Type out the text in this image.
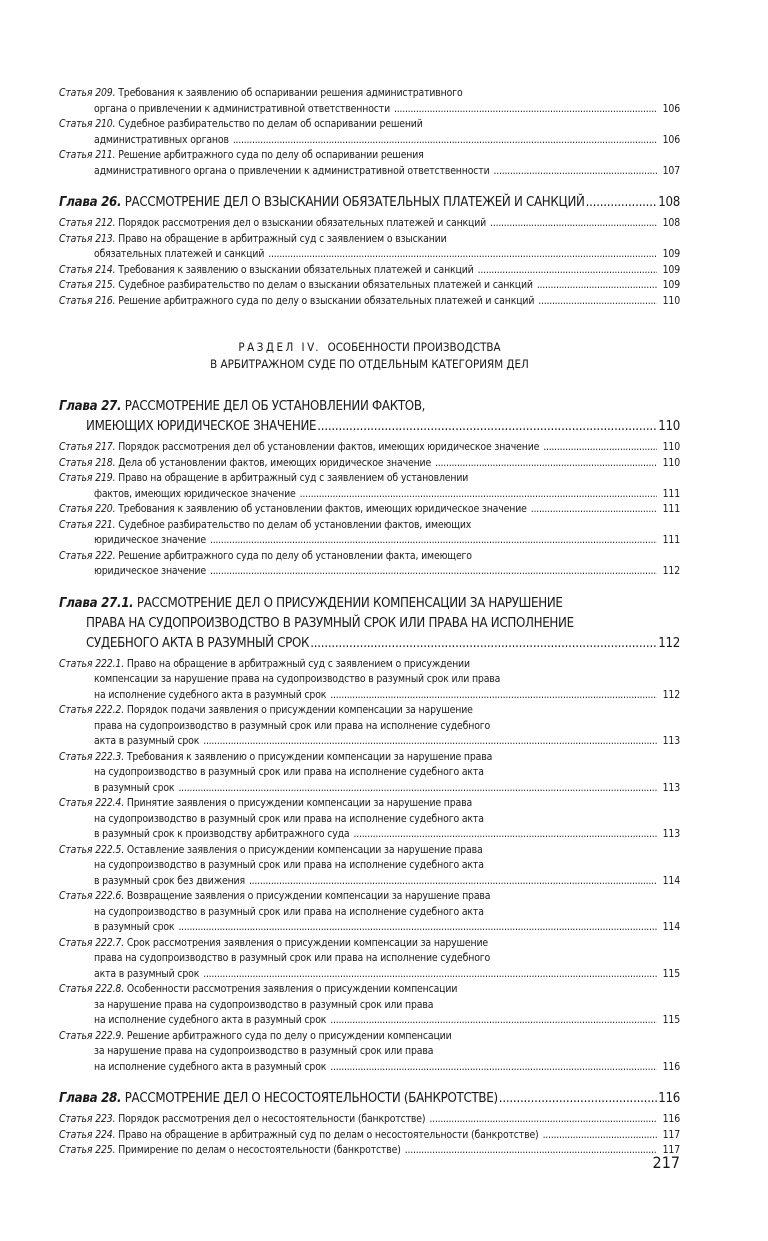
Статья 209.
Требования к заявлению об оспаривании решения административного
органа о привлечении к административной ответственности . . .	106
Статья 210.
Судебное разбирательство по делам об оспаривании решений
административных органов . . .	106
Статья 211.
Решение арбитражного суда по делу об оспаривании решения
административного органа о привлечении к административной ответственности . . .	107
Глава 26.
РАССМОТРЕНИЕ ДЕЛ О ВЗЫСКАНИИ ОБЯЗАТЕЛЬНЫХ ПЛАТЕЖЕЙ И САНКЦИЙ . . .	108
Статья 212.
Порядок рассмотрения дел о взыскании обязательных платежей и санкций . . .	108
Статья 213.
Право на обращение в арбитражный суд с заявлением о взыскании
обязательных платежей и санкций . . .	109
Статья 214.
Требования к заявлению о взыскании обязательных платежей и санкций . . .	109
Статья 215.
Судебное разбирательство по делам о взыскании обязательных платежей и санкций . . .	109
Статья 216.
Решение арбитражного суда по делу о взыскании обязательных платежей и санкций . . .	110
РАЗДЕЛ IV. ОСОБЕННОСТИ ПРОИЗВОДСТВА
В АРБИТРАЖНОМ СУДЕ ПО ОТДЕЛЬНЫМ КАТЕГОРИЯМ ДЕЛ
Глава 27.
РАССМОТРЕНИЕ ДЕЛ ОБ УСТАНОВЛЕНИИ ФАКТОВ,
ИМЕЮЩИХ ЮРИДИЧЕСКОЕ ЗНАЧЕНИЕ . . .	110
Статья 217.
Порядок рассмотрения дел об установлении фактов, имеющих юридическое значение . . .	110
Статья 218.
Дела об установлении фактов, имеющих юридическое значение . . .	110
Статья 219.
Право на обращение в арбитражный суд с заявлением об установлении
фактов, имеющих юридическое значение . . .	111
Статья 220.
Требования к заявлению об установлении фактов, имеющих юридическое значение . . .	111
Статья 221.
Судебное разбирательство по делам об установлении фактов, имеющих
юридическое значение . . .	111
Статья 222.
Решение арбитражного суда по делу об установлении факта, имеющего
юридическое значение . . .	112
Глава 27.1.
РАССМОТРЕНИЕ ДЕЛ О ПРИСУЖДЕНИИ КОМПЕНСАЦИИ ЗА НАРУШЕНИЕ
ПРАВА НА СУДОПРОИЗВОДСТВО В РАЗУМНЫЙ СРОК ИЛИ ПРАВА НА ИСПОЛНЕНИЕ
СУДЕБНОГО АКТА В РАЗУМНЫЙ СРОК . . .	112
Статья 222.1.
Право на обращение в арбитражный суд с заявлением о присуждении
компенсации за нарушение права на судопроизводство в разумный срок или права
на исполнение судебного акта в разумный срок . . .	112
Статья 222.2.
Порядок подачи заявления о присуждении компенсации за нарушение
права на судопроизводство в разумный срок или права на исполнение судебного
акта в разумный срок . . .	113
Статья 222.3.
Требования к заявлению о присуждении компенсации за нарушение права
на судопроизводство в разумный срок или права на исполнение судебного акта
в разумный срок . . .	113
Статья 222.4.
Принятие заявления о присуждении компенсации за нарушение права
на судопроизводство в разумный срок или права на исполнение судебного акта
в разумный срок к производству арбитражного суда . . .	113
Статья 222.5.
Оставление заявления о присуждении компенсации за нарушение права
на судопроизводство в разумный срок или права на исполнение судебного акта
в разумный срок без движения . . .	114
Статья 222.6.
Возвращение заявления о присуждении компенсации за нарушение права
на судопроизводство в разумный срок или права на исполнение судебного акта
в разумный срок . . .	114
Статья 222.7.
Срок рассмотрения заявления о присуждении компенсации за нарушение
права на судопроизводство в разумный срок или права на исполнение судебного
акта в разумный срок . . .	115
Статья 222.8.
Особенности рассмотрения заявления о присуждении компенсации
за нарушение права на судопроизводство в разумный срок или права
на исполнение судебного акта в разумный срок . . .	115
Статья 222.9.
Решение арбитражного суда по делу о присуждении компенсации
за нарушение права на судопроизводство в разумный срок или права
на исполнение судебного акта в разумный срок . . .	116
Глава 28.
РАССМОТРЕНИЕ ДЕЛ О НЕСОСТОЯТЕЛЬНОСТИ (БАНКРОТСТВЕ) . . .	116
Статья 223.
Порядок рассмотрения дел о несостоятельности (банкротстве) . . .	116
Статья 224.
Право на обращение в арбитражный суд по делам о несостоятельности (банкротстве) . . .	117
Статья 225.
Примирение по делам о несостоятельности (банкротстве) . . .	117
217
